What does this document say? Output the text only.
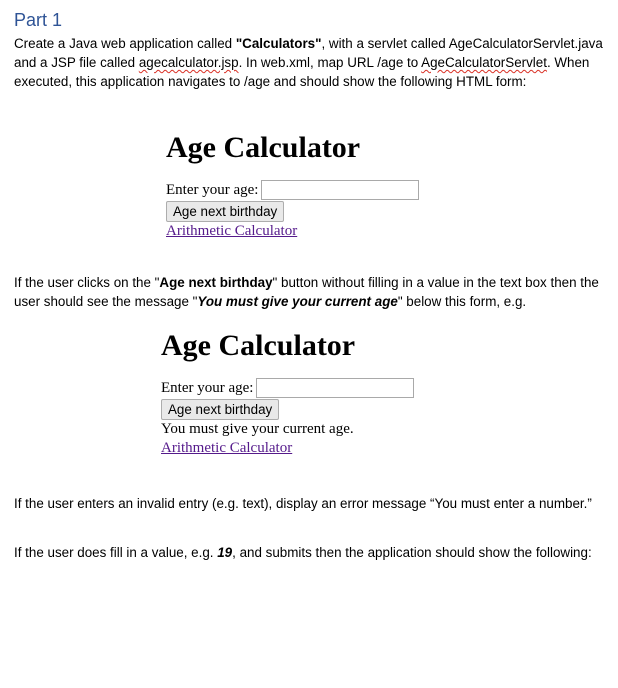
Part 1
Create a Java web application called "Calculators", with a servlet called AgeCalculatorServlet.java and a JSP file called agecalculator.jsp. In web.xml, map URL /age to AgeCalculatorServlet. When executed, this application navigates to /age and should show the following HTML form:
Age Calculator
Enter your age:
Age next birthday
Arithmetic Calculator
If the user clicks on the "Age next birthday" button without filling in a value in the text box then the user should see the message "You must give your current age" below this form, e.g.
Age Calculator
Enter your age:
Age next birthday
You must give your current age.
Arithmetic Calculator
If the user enters an invalid entry (e.g. text), display an error message “You must enter a number.”
If the user does fill in a value, e.g. 19, and submits then the application should show the following:
